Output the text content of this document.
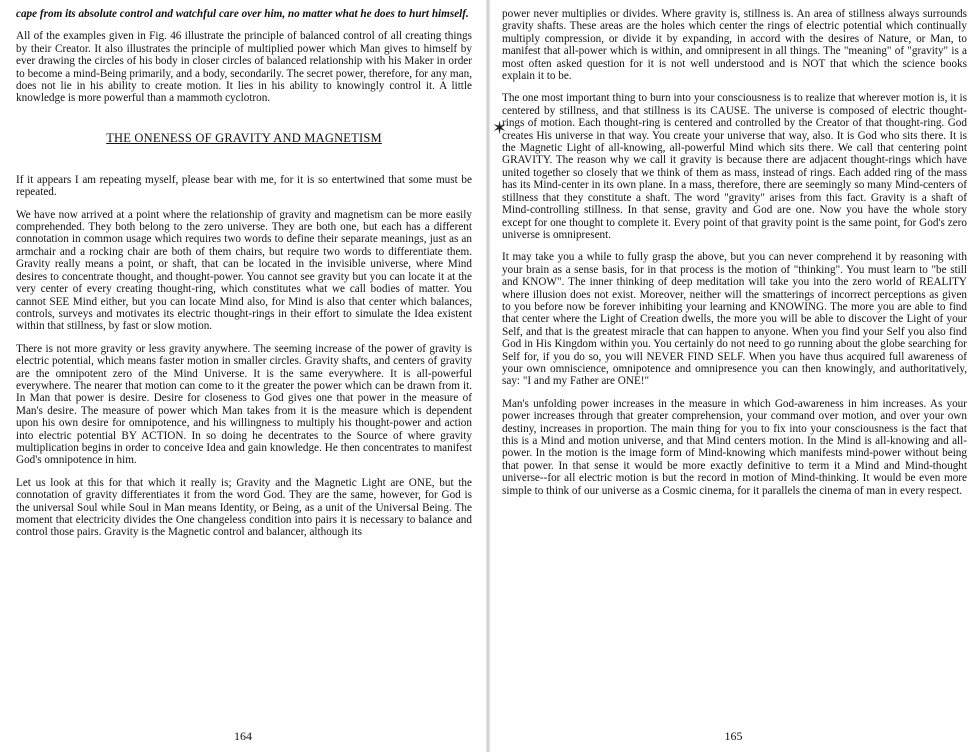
cape from its absolute control and watchful care over him, no matter what he does to hurt himself.

All of the examples given in Fig. 46 illustrate the principle of balanced control of all creating things by their Creator. It also illustrates the principle of multiplied power which Man gives to himself by ever drawing the circles of his body in closer circles of balanced relationship with his Maker in order to become a mind-Being primarily, and a body, secondarily. The secret power, therefore, for any man, does not lie in his ability to create motion. It lies in his ability to knowingly control it. A little knowledge is more powerful than a mammoth cyclotron.

THE ONENESS OF GRAVITY AND MAGNETISM

If it appears I am repeating myself, please bear with me, for it is so entertwined that some must be repeated.

We have now arrived at a point where the relationship of gravity and magnetism can be more easily comprehended. They both belong to the zero universe. They are both one, but each has a different connotation in common usage which requires two words to define their separate meanings, just as an armchair and a rocking chair are both of them chairs, but require two words to differentiate them. Gravity really means a point, or shaft, that can be located in the invisible universe, where Mind desires to concentrate thought, and thought-power. You cannot see gravity but you can locate it at the very center of every creating thought-ring, which constitutes what we call bodies of matter. You cannot SEE Mind either, but you can locate Mind also, for Mind is also that center which balances, controls, surveys and motivates its electric thought-rings in their effort to simulate the Idea existent within that stillness, by fast or slow motion.

There is not more gravity or less gravity anywhere. The seeming increase of the power of gravity is electric potential, which means faster motion in smaller circles. Gravity shafts, and centers of gravity are the omnipotent zero of the Mind Universe. It is the same everywhere. It is all-powerful everywhere. The nearer that motion can come to it the greater the power which can be drawn from it. In Man that power is desire. Desire for closeness to God gives one that power in the measure of Man's desire. The measure of power which Man takes from it is the measure which is dependent upon his own desire for omnipotence, and his willingness to multiply his thought-power and action into electric potential BY ACTION. In so doing he decentrates to the Source of where gravity multiplication begins in order to conceive Idea and gain knowledge. He then concentrates to manifest God's omnipotence in him.

Let us look at this for that which it really is; Gravity and the Magnetic Light are ONE, but the connotation of gravity differentiates it from the word God. They are the same, however, for God is the universal Soul while Soul in Man means Identity, or Being, as a unit of the Universal Being. The moment that electricity divides the One changeless condition into pairs it is necessary to balance and control those pairs. Gravity is the Magnetic control and balancer, although its

164
✶

power never multiplies or divides. Where gravity is, stillness is. An area of stillness always surrounds gravity shafts. These areas are the holes which center the rings of electric potential which continually multiply compression, or divide it by expanding, in accord with the desires of Nature, or Man, to manifest that all-power which is within, and omnipresent in all things. The "meaning" of "gravity" is a most often asked question for it is not well understood and is NOT that which the science books explain it to be.

The one most important thing to burn into your consciousness is to realize that wherever motion is, it is centered by stillness, and that stillness is its CAUSE. The universe is composed of electric thought-rings of motion. Each thought-ring is centered and controlled by the Creator of that thought-ring. God creates His universe in that way. You create your universe that way, also. It is God who sits there. It is the Magnetic Light of all-knowing, all-powerful Mind which sits there. We call that centering point GRAVITY. The reason why we call it gravity is because there are adjacent thought-rings which have united together so closely that we think of them as mass, instead of rings. Each added ring of the mass has its Mind-center in its own plane. In a mass, therefore, there are seemingly so many Mind-centers of stillness that they constitute a shaft. The word "gravity" arises from this fact. Gravity is a shaft of Mind-controlling stillness. In that sense, gravity and God are one. Now you have the whole story except for one thought to complete it. Every point of that gravity point is the same point, for God's zero universe is omnipresent.

It may take you a while to fully grasp the above, but you can never comprehend it by reasoning with your brain as a sense basis, for in that process is the motion of "thinking". You must learn to "be still and KNOW". The inner thinking of deep meditation will take you into the zero world of REALITY where illusion does not exist. Moreover, neither will the smatterings of incorrect perceptions as given to you before now be forever inhibiting your learning and KNOWING. The more you are able to find that center where the Light of Creation dwells, the more you will be able to discover the Light of your Self, and that is the greatest miracle that can happen to anyone. When you find your Self you also find God in His Kingdom within you. You certainly do not need to go running about the globe searching for Self for, if you do so, you will NEVER FIND SELF. When you have thus acquired full awareness of your own omniscience, omnipotence and omnipresence you can then knowingly, and authoritatively, say: "I and my Father are ONE!"

Man's unfolding power increases in the measure in which God-awareness in him increases. As your power increases through that greater comprehension, your command over motion, and over your own destiny, increases in proportion. The main thing for you to fix into your consciousness is the fact that this is a Mind and motion universe, and that Mind centers motion. In the Mind is all-knowing and all-power. In the motion is the image form of Mind-knowing which manifests mind-power without being that power. In that sense it would be more exactly definitive to term it a Mind and Mind-thought universe--for all electric motion is but the record in motion of Mind-thinking. It would be even more simple to think of our universe as a Cosmic cinema, for it parallels the cinema of man in every respect.

165
